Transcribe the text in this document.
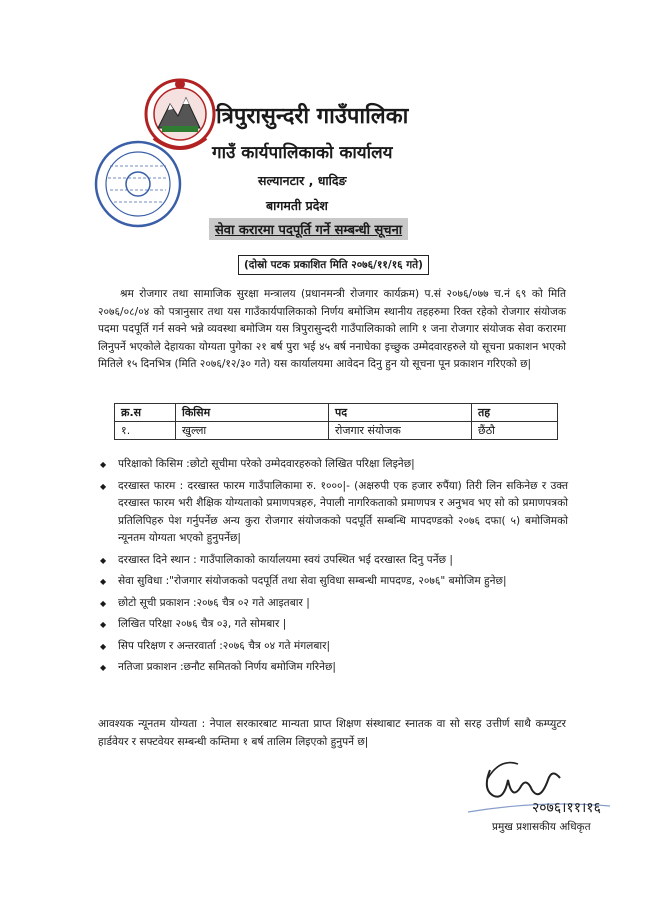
त्रिपुरासुन्दरी गाउँपालिका
गाउँ कार्यपालिकाको कार्यालय
सल्यानटार , धादिङ
बागमती प्रदेश
सेवा करारमा पदपूर्ति गर्ने सम्बन्धी सूचना
(दोस्रो पटक प्रकाशित मिति २०७६/११/१६ गते)
श्रम रोजगार तथा सामाजिक सुरक्षा मन्त्रालय (प्रधानमन्त्री रोजगार कार्यक्रम) प.सं २०७६/०७७ च.नं ६९ को मिति २०७६/०८/०४ को पत्रानुसार तथा यस गाउँकार्यपालिकाको निर्णय बमोजिम स्थानीय तहहरुमा रिक्त रहेको रोजगार संयोजक पदमा पदपूर्ति गर्न सक्ने भन्ने व्यवस्था बमोजिम यस त्रिपुरासुन्दरी गाउँपालिकाको लागि १ जना रोजगार संयोजक सेवा करारमा लिनुपर्ने भएकोले देहायका योग्यता पुगेका २१ बर्ष पुरा भई ४५ बर्ष ननाघेका इच्छुक उम्मेदवारहरुले यो सूचना प्रकाशन भएको मितिले १५ दिनभित्र (मिति २०७६/१२/३० गते) यस कार्यालयमा आवेदन दिनु हुन यो सूचना पून प्रकाशन गरिएको छ|
क्र.स	किसिम	पद	तह
१.	खुल्ला	रोजगार संयोजक	छैंठौ
◆ परिक्षाको किसिम :छोटो सूचीमा परेको उम्मेदवारहरुको लिखित परिक्षा लिइनेछ|
◆ दरखास्त फारम : दरखास्त फारम गाउँपालिकामा रु. १०००|- (अक्षरुपी एक हजार रुपैंया) तिरी लिन सकिनेछ र उक्त दरखास्त फारम भरी शैक्षिक योग्यताको प्रमाणपत्रहरु, नेपाली नागरिकताको प्रमाणपत्र र अनुभव भए सो को प्रमाणपत्रको प्रतिलिपिहरु पेश गर्नुपर्नेछ अन्य कुरा रोजगार संयोजकको पदपूर्ति सम्बन्धि मापदण्डको २०७६ दफा( ५) बमोजिमको न्यूनतम योग्यता भएको हुनुपर्नेछ|
◆ दरखास्त दिने स्थान : गाउँपालिकाको कार्यालयमा स्वयं उपस्थित भई दरखास्त दिनु पर्नेछ |
◆ सेवा सुविधा :"रोजगार संयोजकको पदपूर्ति तथा सेवा सुविधा सम्बन्धी मापदण्ड, २०७६" बमोजिम हुनेछ|
◆ छोटो सूची प्रकाशन :२०७६ चैत्र ०२ गते आइतबार |
◆ लिखित परिक्षा २०७६ चैत्र ०३, गते सोमबार |
◆ सिप परिक्षण र अन्तरवार्ता :२०७६ चैत्र ०४ गते मंगलबार|
◆ नतिजा प्रकाशन :छनौट समितको निर्णय बमोजिम गरिनेछ|
आवश्यक न्यूनतम योग्यता : नेपाल सरकारबाट मान्यता प्राप्त शिक्षण संस्थाबाट स्नातक वा सो सरह उत्तीर्ण साथै कम्प्युटर हार्डवेयर र सफ्टवेयर सम्बन्धी कम्तिमा १ बर्ष तालिम लिइएको हुनुपर्ने छ|
२०७६।११।१६
प्रमुख प्रशासकीय अधिकृत
